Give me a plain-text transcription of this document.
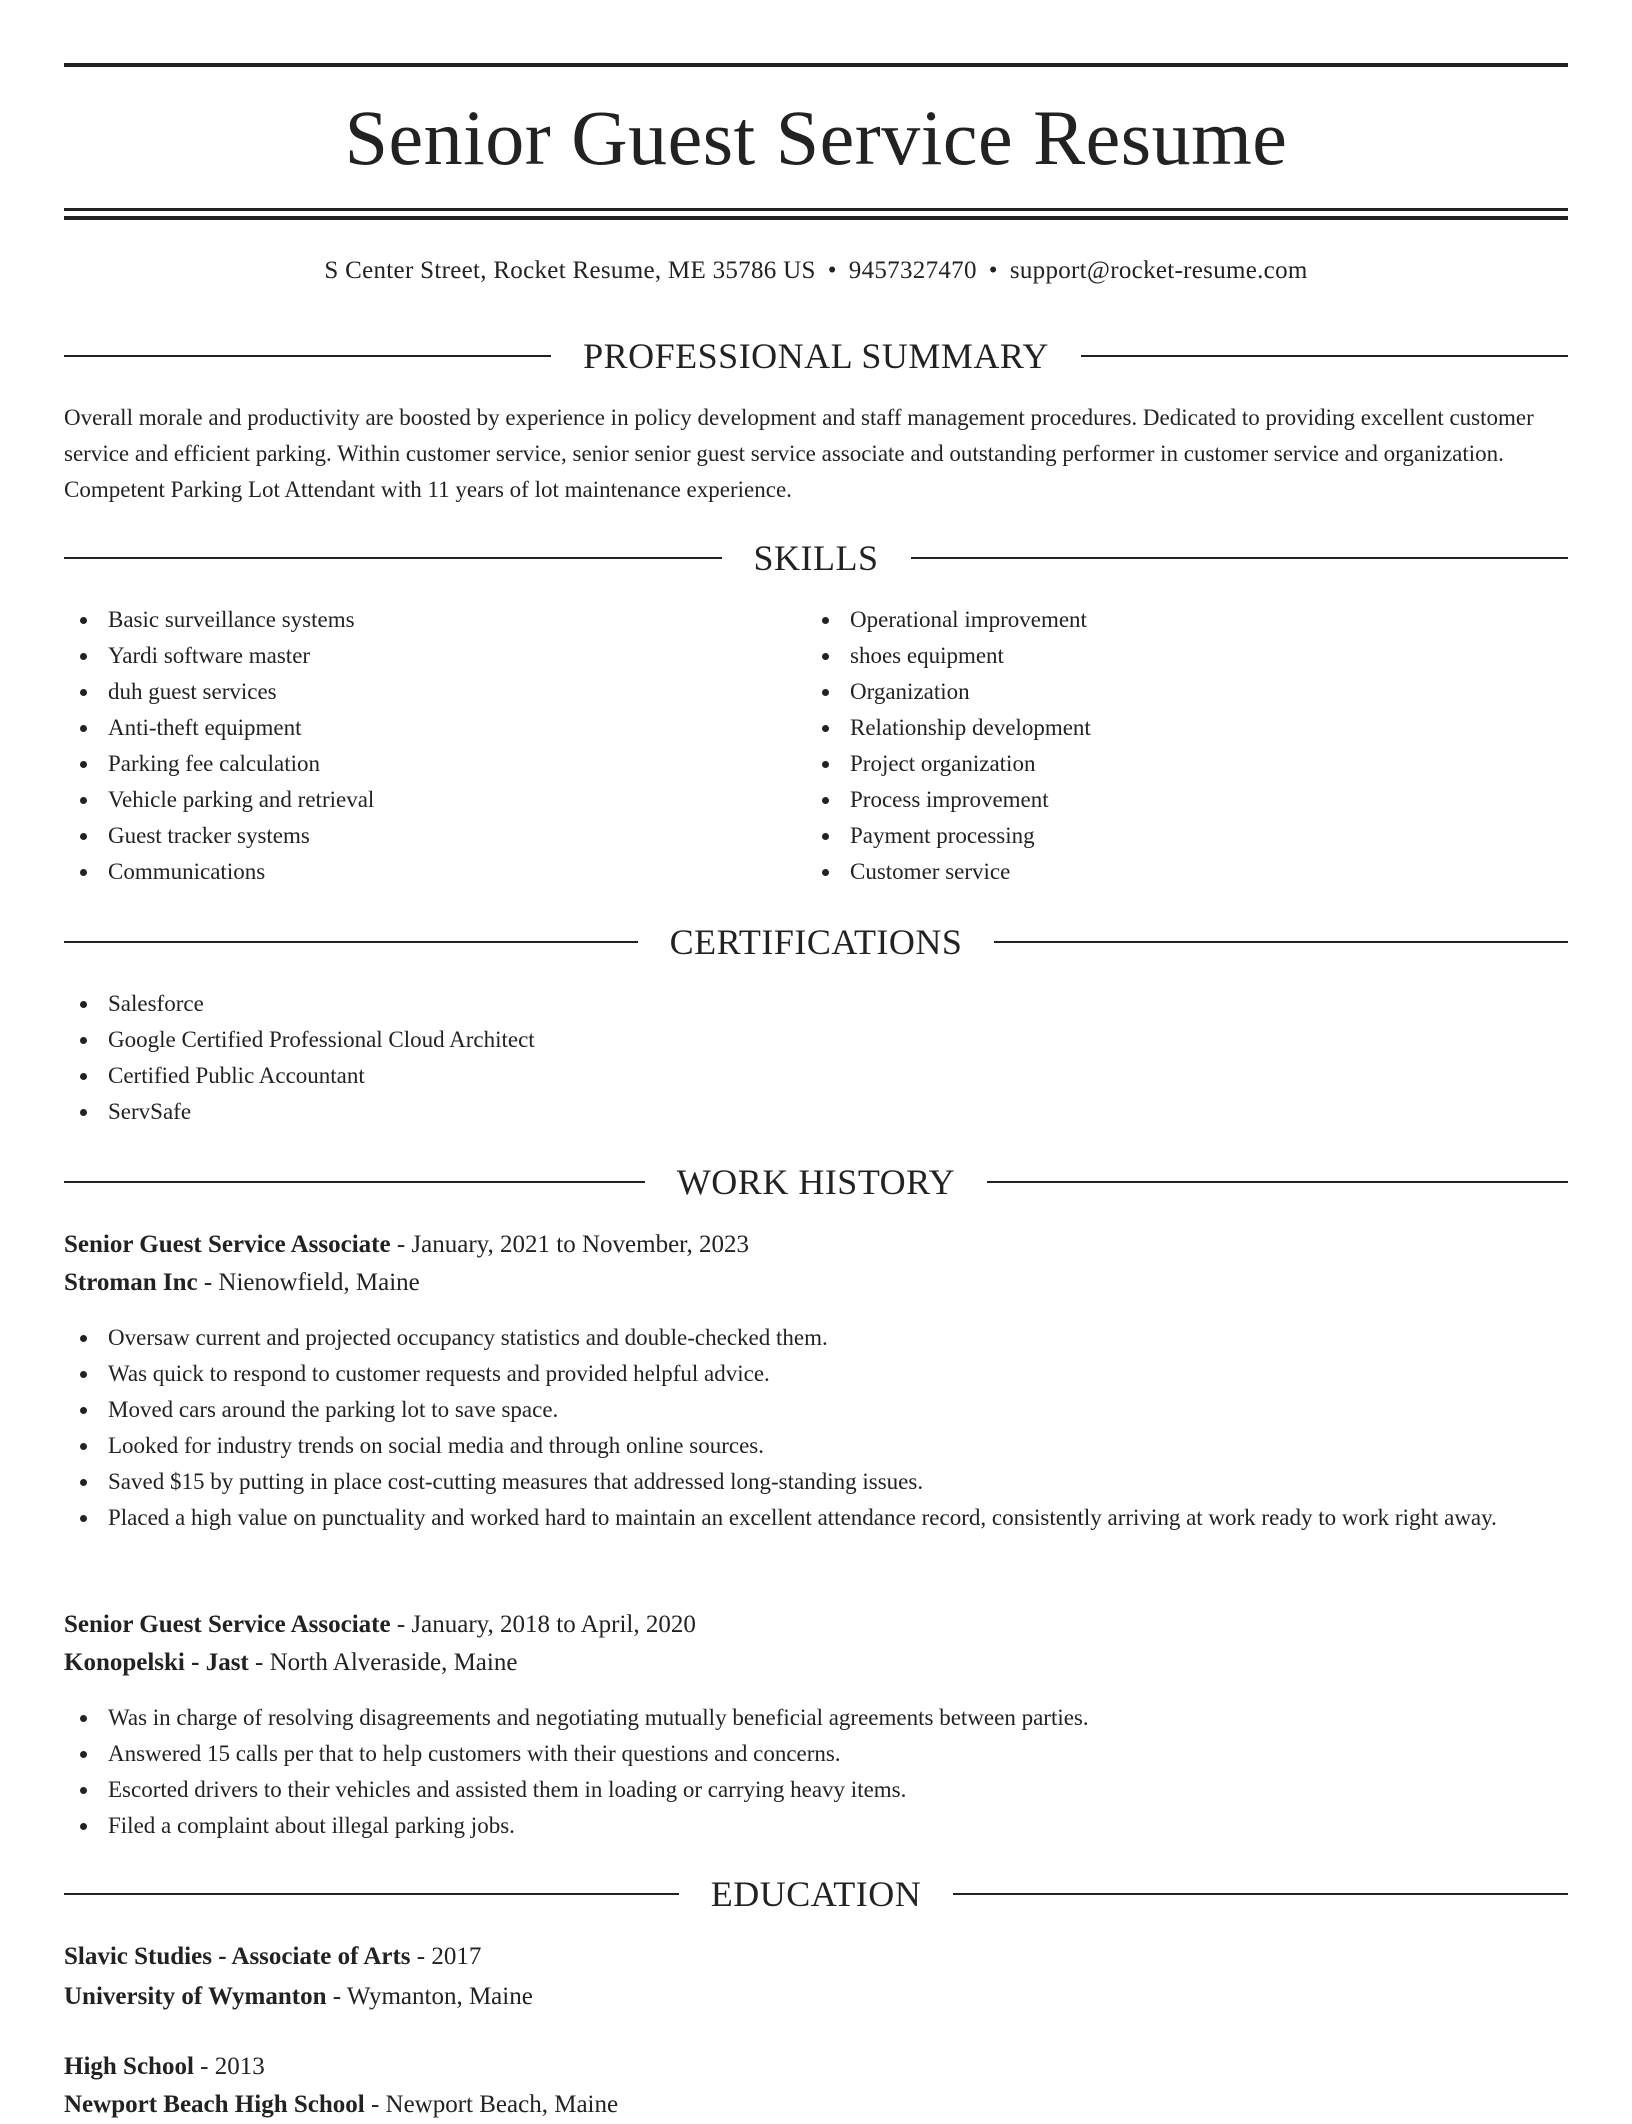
Senior Guest Service Resume
S Center Street, Rocket Resume, ME 35786 US • 9457327470 • support@rocket-resume.com
PROFESSIONAL SUMMARY

Overall morale and productivity are boosted by experience in policy development and staff management procedures. Dedicated to providing excellent customer service and efficient parking. Within customer service, senior senior guest service associate and outstanding performer in customer service and organization. Competent Parking Lot Attendant with 11 years of lot maintenance experience.

SKILLS
Basic surveillance systems
Yardi software master
duh guest services
Anti-theft equipment
Parking fee calculation
Vehicle parking and retrieval
Guest tracker systems
Communications
Operational improvement
shoes equipment
Organization
Relationship development
Project organization
Process improvement
Payment processing
Customer service
CERTIFICATIONS
Salesforce
Google Certified Professional Cloud Architect
Certified Public Accountant
ServSafe
WORK HISTORY
Senior Guest Service Associate - January, 2021 to November, 2023
Stroman Inc - Nienowfield, Maine
Oversaw current and projected occupancy statistics and double-checked them.
Was quick to respond to customer requests and provided helpful advice.
Moved cars around the parking lot to save space.
Looked for industry trends on social media and through online sources.
Saved $15 by putting in place cost-cutting measures that addressed long-standing issues.
Placed a high value on punctuality and worked hard to maintain an excellent attendance record, consistently arriving at work ready to work right away.
Senior Guest Service Associate - January, 2018 to April, 2020
Konopelski - Jast - North Alveraside, Maine
Was in charge of resolving disagreements and negotiating mutually beneficial agreements between parties.
Answered 15 calls per that to help customers with their questions and concerns.
Escorted drivers to their vehicles and assisted them in loading or carrying heavy items.
Filed a complaint about illegal parking jobs.
EDUCATION
Slavic Studies - Associate of Arts - 2017
University of Wymanton - Wymanton, Maine
High School - 2013
Newport Beach High School - Newport Beach, Maine
